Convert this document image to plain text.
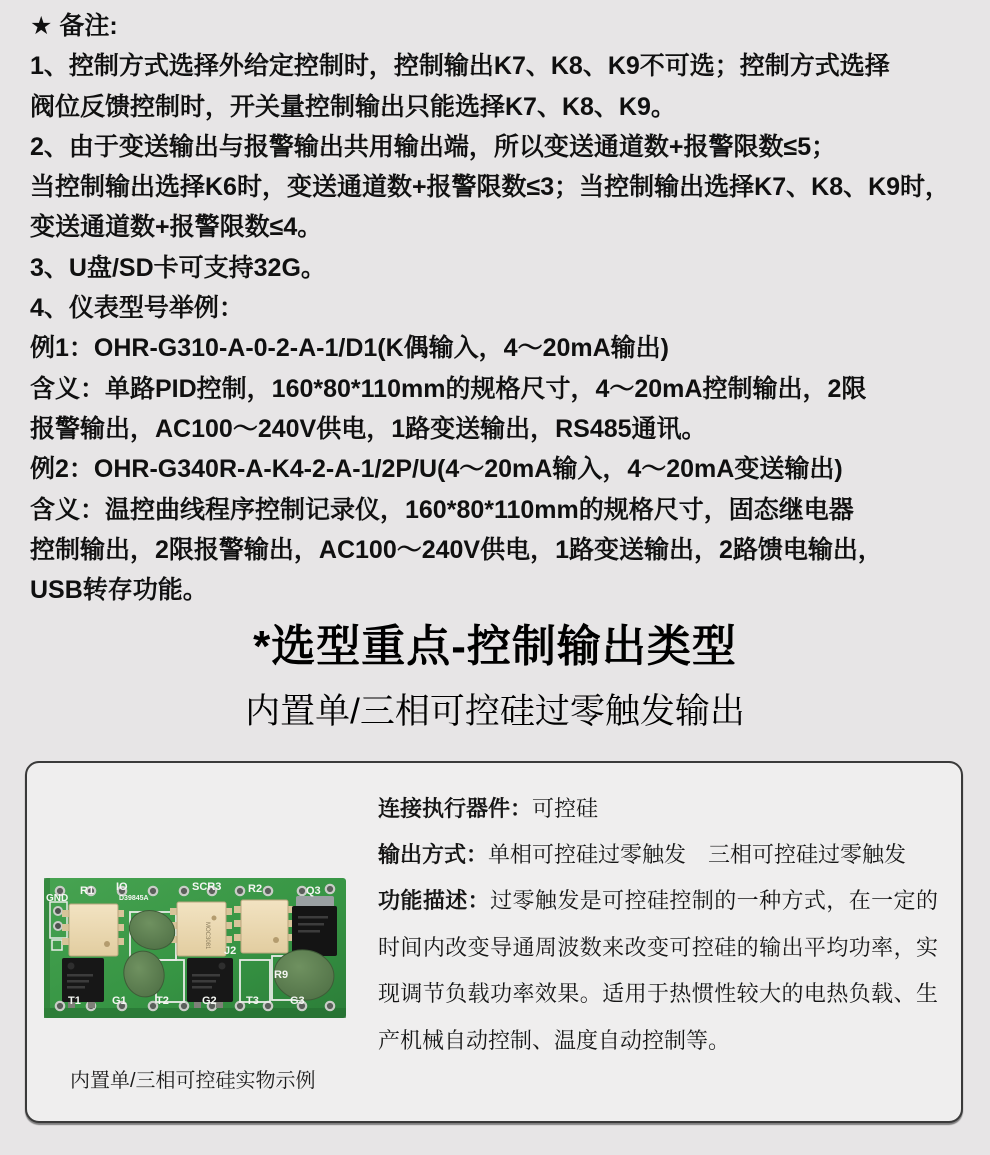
★ 备注:
1、控制方式选择外给定控制时，控制输出K7、K8、K9不可选；控制方式选择
阀位反馈控制时，开关量控制输出只能选择K7、K8、K9。
2、由于变送输出与报警输出共用输出端，所以变送通道数+报警限数≤5；
当控制输出选择K6时，变送通道数+报警限数≤3；当控制输出选择K7、K8、K9时，
变送通道数+报警限数≤4。
3、U盘/SD卡可支持32G。
4、仪表型号举例：
例1：OHR-G310-A-0-2-A-1/D1(K偶输入，4～20mA输出)
含义：单路PID控制，160*80*110mm的规格尺寸，4～20mA控制输出，2限
报警输出，AC100～240V供电，1路变送输出，RS485通讯。
例2：OHR-G340R-A-K4-2-A-1/2P/U(4～20mA输入，4～20mA变送输出)
含义：温控曲线程序控制记录仪，160*80*110mm的规格尺寸，固态继电器
控制输出，2限报警输出，AC100～240V供电，1路变送输出，2路馈电输出，
USB转存功能。
*选型重点-控制输出类型
内置单/三相可控硅过零触发输出
MOC3081
GND
R1 IO
D39845A
SCR3 R2	Q3
J2
R9
T1	G1	T2	G2	T3	G3
内置单/三相可控硅实物示例
连接执行器件：可控硅
输出方式：单相可控硅过零触发　三相可控硅过零触发

功能描述：过零触发是可控硅控制的一种方式，在一定的时间内改变导通周波数来改变可控硅的输出平均功率，实现调节负载功率效果。适用于热惯性较大的电热负载、生产机械自动控制、温度自动控制等。
